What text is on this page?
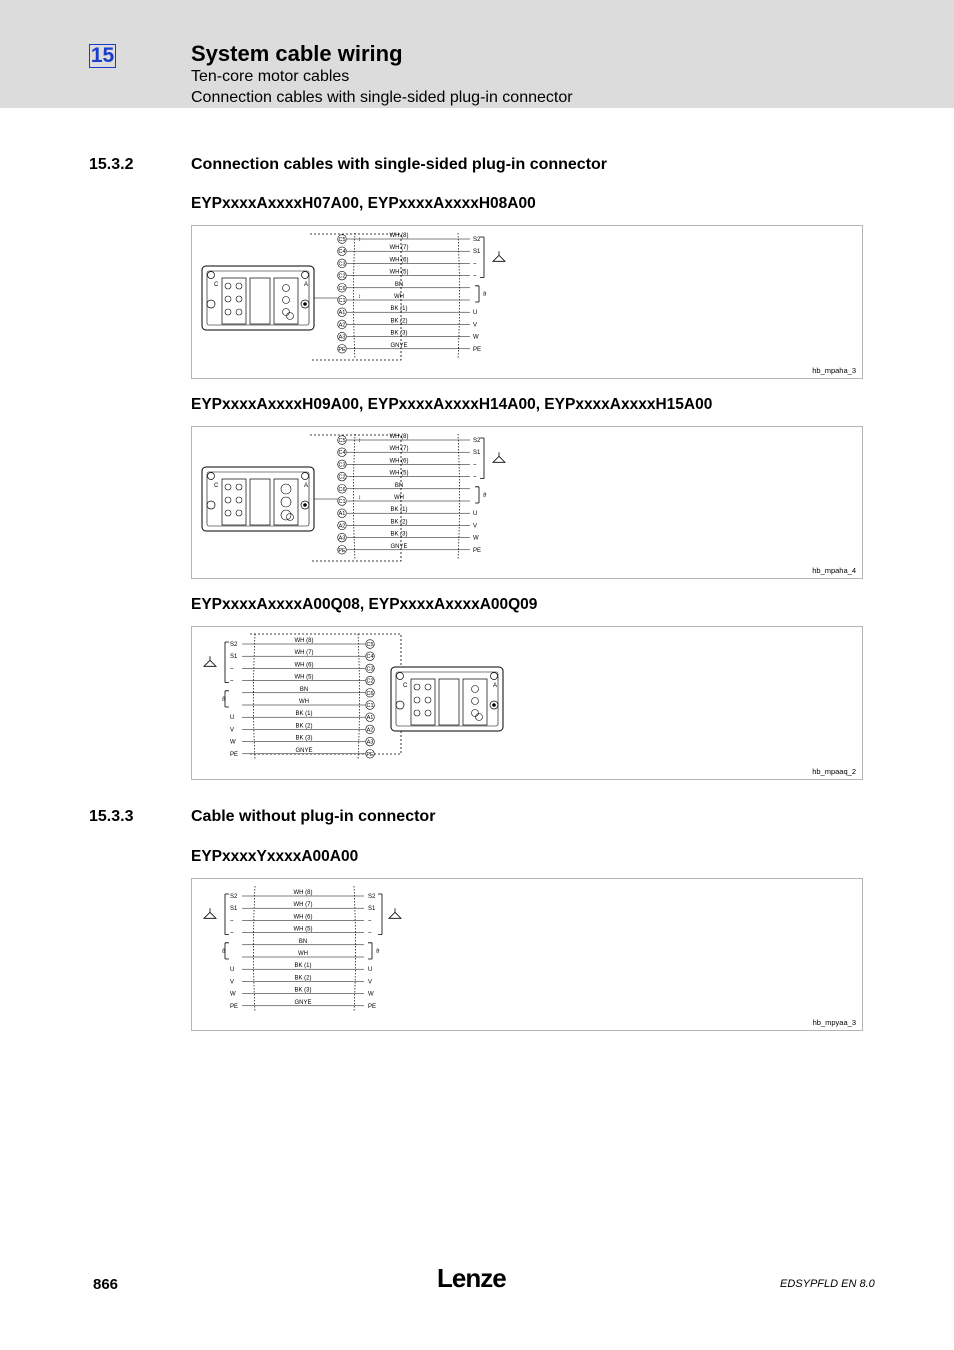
15	System cable wiring
Ten-core motor cables
Connection cables with single-sided plug-in connector
15.3.2	Connection cables with single-sided plug-in connector
EYPxxxxAxxxxH07A00, EYPxxxxAxxxxH08A00
C	A
C5
WH (8)
S2
C4
WH (7)
S1
C3
WH (6)
~
C2
WH (5)
~
C6
BN
C1
WH
A1
BK (1)
U
A2
BK (2)
V
A3
BK (3)
W
PE
GNYE
PE
↕
↕	ϑ
hb_mpaha_3
EYPxxxxAxxxxH09A00, EYPxxxxAxxxxH14A00, EYPxxxxAxxxxH15A00
C	A
C5
WH (8)
S2
C4
WH (7)
S1
C3
WH (6)
~
C2
WH (5)
~
C6
BN
C1
WH
A1
BK (1)
U
A2
BK (2)
V
A3
BK (3)
W
PE
GNYE
PE
↕
↕	ϑ
hb_mpaha_4
EYPxxxxAxxxxA00Q08, EYPxxxxAxxxxA00Q09
S2
WH (8)
C5
S1
WH (7)
C4
~
WH (6)
C3
~
WH (5)
C2
BN
C6
WH
C1
U
BK (1)
A1
V
BK (2)
A2
W
BK (3)
A3
PE
GNYE
PE
ϑ
C	A
hb_mpaaq_2
15.3.3	Cable without plug-in connector
EYPxxxxYxxxxA00A00
S2
WH (8)
S2
S1
WH (7)
S1
~
WH (6)
~
~
WH (5)
~
BN
WH
U
BK (1)
U
V
BK (2)
V
W
BK (3)
W
PE
GNYE
PE
ϑ	ϑ
hb_mpyaa_3
866	Lenze	EDSYPFLD EN 8.0
